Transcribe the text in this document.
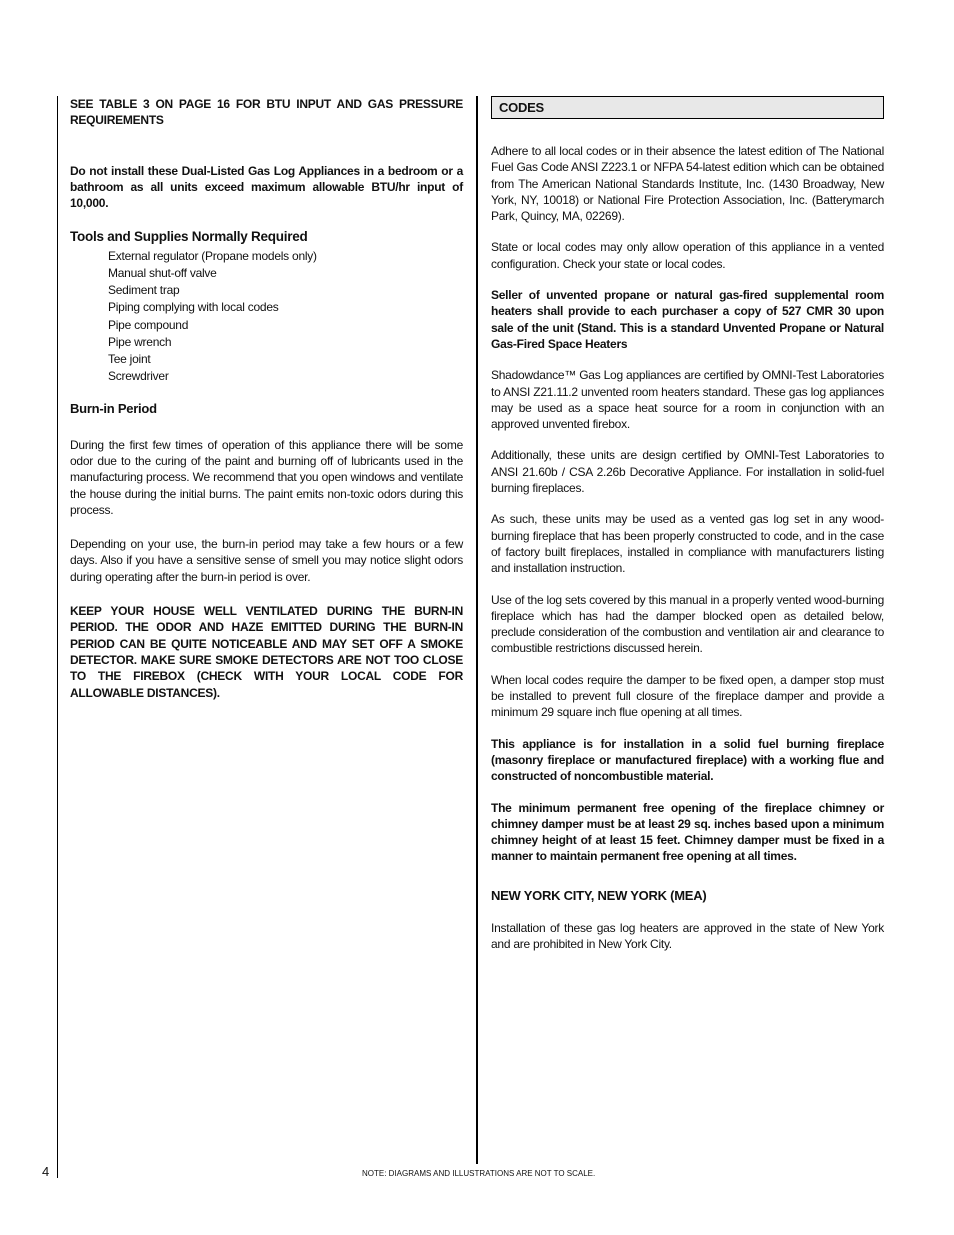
SEE TABLE 3 ON PAGE 16 FOR BTU INPUT AND GAS PRESSURE REQUIREMENTS

Do not install these Dual-Listed Gas Log Appliances in a bedroom or a bathroom as all units exceed maximum allowable BTU/hr input of 10,000.

Tools and Supplies Normally Required

External regulator (Propane models only)
Manual shut-off valve
Sediment trap
Piping complying with local codes
Pipe compound
Pipe wrench
Tee joint
Screwdriver

Burn-in Period

During the first few times of operation of this appliance there will be some odor due to the curing of the paint and burning off of lubricants used in the manufacturing process. We recommend that you open windows and ventilate the house during the initial burns. The paint emits non-toxic odors during this process.

Depending on your use, the burn-in period may take a few hours or a few days. Also if you have a sensitive sense of smell you may notice slight odors during operating after the burn-in period is over.

KEEP YOUR HOUSE WELL VENTILATED DURING THE BURN-IN PERIOD. THE ODOR AND HAZE EMITTED DURING THE BURN-IN PERIOD CAN BE QUITE NOTICEABLE AND MAY SET OFF A SMOKE DETECTOR. MAKE SURE SMOKE DETECTORS ARE NOT TOO CLOSE TO THE FIREBOX (CHECK WITH YOUR LOCAL CODE FOR ALLOWABLE DISTANCES).

CODES

Adhere to all local codes or in their absence the latest edition of The National Fuel Gas Code ANSI Z223.1 or NFPA 54-latest edition which can be obtained from The American National Standards Institute, Inc. (1430 Broadway, New York, NY, 10018) or National Fire Protection Association, Inc. (Batterymarch Park, Quincy, MA, 02269).

State or local codes may only allow operation of this appliance in a vented configuration. Check your state or local codes.

Seller of unvented propane or natural gas-fired supplemental room heaters shall provide to each purchaser a copy of 527 CMR 30 upon sale of the unit (Stand. This is a standard Unvented Propane or Natural Gas-Fired Space Heaters

Shadowdance™ Gas Log appliances are certified by OMNI-Test Laboratories to ANSI Z21.11.2 unvented room heaters standard. These gas log appliances may be used as a space heat source for a room in conjunction with an approved unvented firebox.

Additionally, these units are design certified by OMNI-Test Laboratories to ANSI 21.60b / CSA 2.26b Decorative Appliance. For installation in solid-fuel burning fireplaces.

As such, these units may be used as a vented gas log set in any wood-burning fireplace that has been properly constructed to code, and in the case of factory built fireplaces, installed in compliance with manufacturers listing and installation instruction.

Use of the log sets covered by this manual in a properly vented wood-burning fireplace which has had the damper blocked open as detailed below, preclude consideration of the combustion and ventilation air and clearance to combustible restrictions discussed herein.

When local codes require the damper to be fixed open, a damper stop must be installed to prevent full closure of the fireplace damper and provide a minimum 29 square inch flue opening at all times.

This appliance is for installation in a solid fuel burning fireplace (masonry fireplace or manufactured fireplace) with a working flue and constructed of noncombustible material.

The minimum permanent free opening of the fireplace chimney or chimney damper must be at least 29 sq. inches based upon a minimum chimney height of at least 15 feet. Chimney damper must be fixed in a manner to maintain permanent free opening at all times.

NEW YORK CITY, NEW YORK (MEA)

Installation of these gas log heaters are approved in the state of New York and are prohibited in New York City.

4	NOTE: DIAGRAMS AND ILLUSTRATIONS ARE NOT TO SCALE.
